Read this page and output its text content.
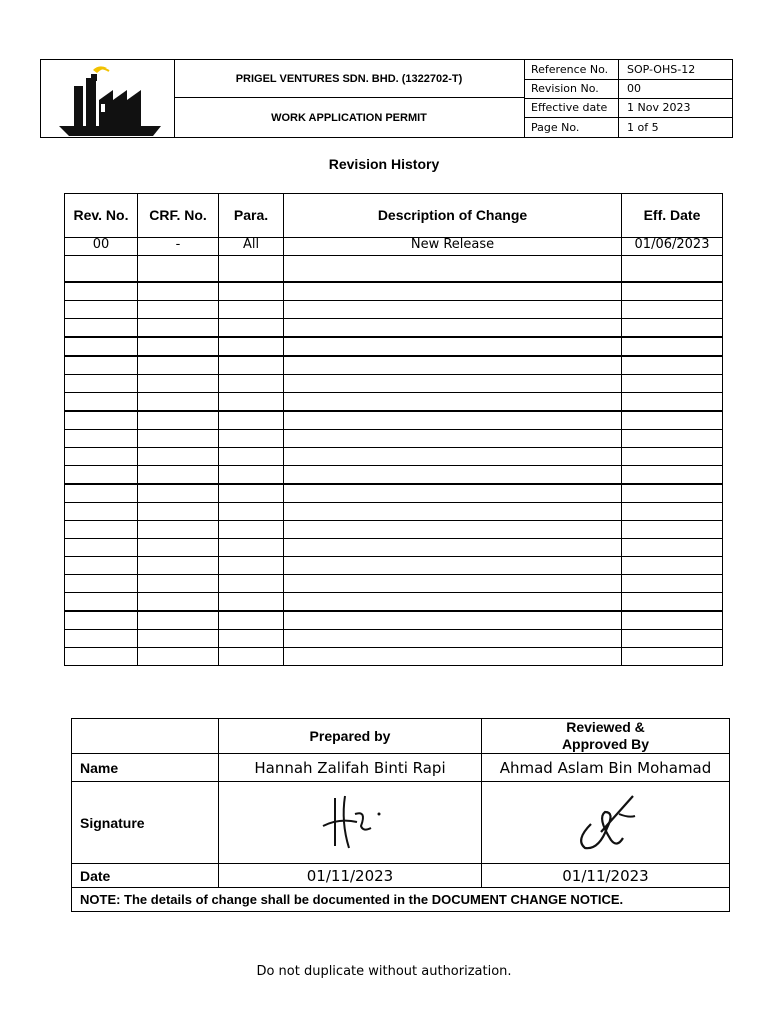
PRIGEL VENTURES SDN. BHD. (1322702-T)
WORK APPLICATION PERMIT
Reference No.	SOP-OHS-12
Revision No.	00
Effective date	1 Nov 2023
Page No.	1 of 5
Revision History
Rev. No.	CRF. No.	Para.	Description of Change	Eff. Date
00	-	All	New Release	01/06/2023

	Prepared by	Reviewed & Approved By

Name	Hannah Zalifah Binti Rapi	Ahmad Aslam Bin Mohamad
Signature		
Date	01/11/2023	01/11/2023
NOTE: The details of change shall be documented in the DOCUMENT CHANGE NOTICE.		
Do not duplicate without authorization.
